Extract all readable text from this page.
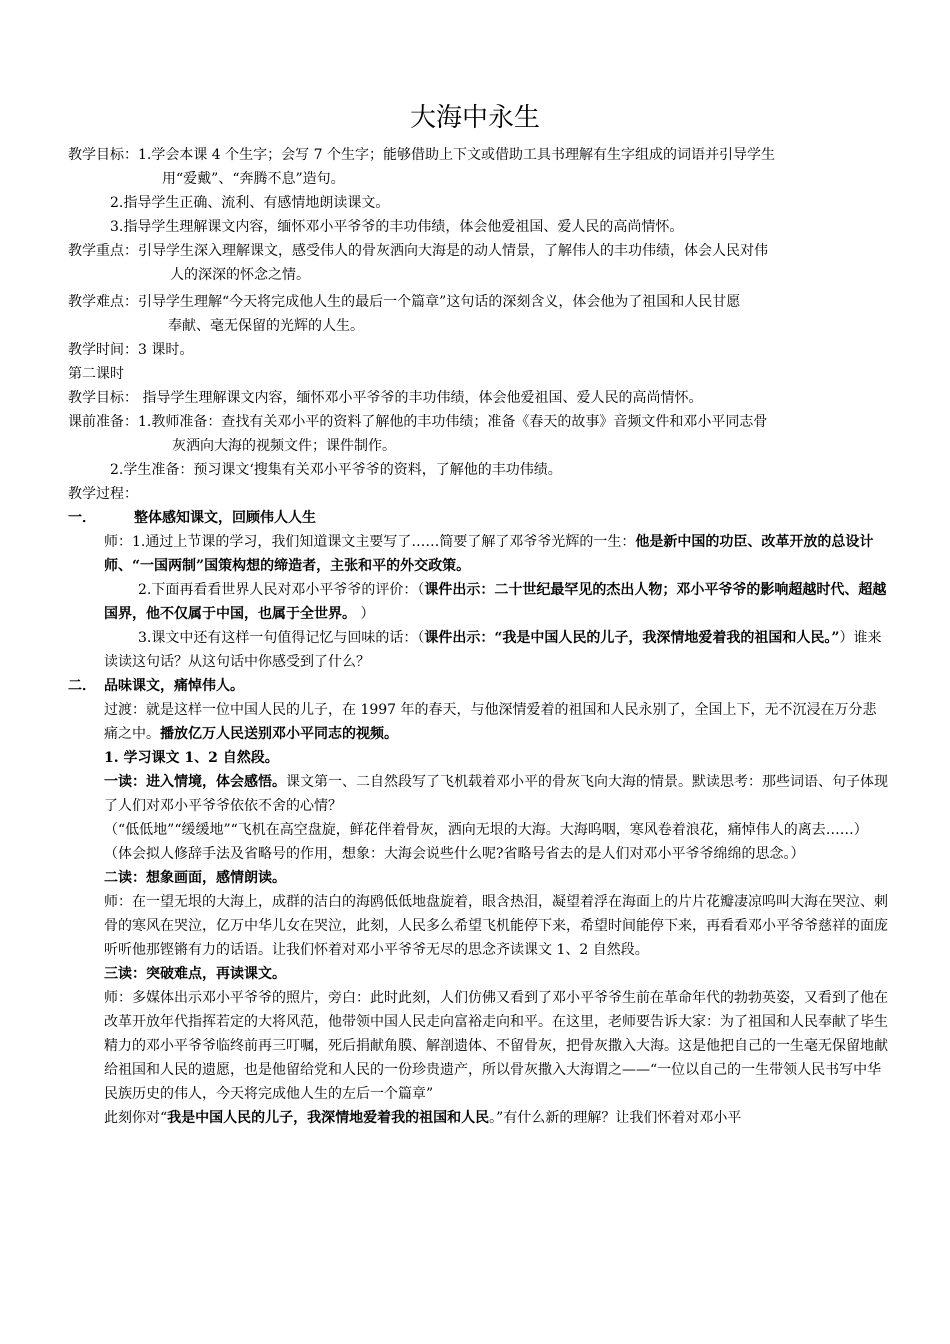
大海中永生
教学目标：1.学会本课 4 个生字；会写 7 个生字；能够借助上下文或借助工具书理解有生字组成的词语并引导学生
用“爱戴”、“奔腾不息”造句。
2.指导学生正确、流利、有感情地朗读课文。
3.指导学生理解课文内容，缅怀邓小平爷爷的丰功伟绩，体会他爱祖国、爱人民的高尚情怀。
教学重点：引导学生深入理解课文，感受伟人的骨灰洒向大海是的动人情景，了解伟人的丰功伟绩，体会人民对伟
人的深深的怀念之情。
教学难点：引导学生理解“今天将完成他人生的最后一个篇章”这句话的深刻含义，体会他为了祖国和人民甘愿
奉献、毫无保留的光辉的人生。
教学时间：3 课时。
第二课时
教学目标： 指导学生理解课文内容，缅怀邓小平爷爷的丰功伟绩，体会他爱祖国、爱人民的高尚情怀。
课前准备：1.教师准备：查找有关邓小平的资料了解他的丰功伟绩；准备《春天的故事》音频文件和邓小平同志骨
灰洒向大海的视频文件；课件制作。
2.学生准备：预习课文‘搜集有关邓小平爷爷的资料，了解他的丰功伟绩。
教学过程：
一．	整体感知课文，回顾伟人人生
师：1.通过上节课的学习，我们知道课文主要写了……简要了解了邓爷爷光辉的一生：他是新中国的功臣、改革开放的总设计师、“一国两制”国策构想的缔造者，主张和平的外交政策。
2.下面再看看世界人民对邓小平爷爷的评价：（课件出示：二十世纪最罕见的杰出人物；邓小平爷爷的影响超越时代、超越国界，他不仅属于中国，也属于全世界。 ）
3.课文中还有这样一句值得记忆与回味的话：（课件出示：“我是中国人民的儿子，我深情地爱着我的祖国和人民。”）谁来读读这句话？从这句话中你感受到了什么？
二． 品味课文，痛悼伟人。
过渡：就是这样一位中国人民的儿子，在 1997 年的春天，与他深情爱着的祖国和人民永别了，全国上下，无不沉浸在万分悲痛之中。播放亿万人民送别邓小平同志的视频。
1. 学习课文 1、2 自然段。
一读：进入情境，体会感悟。课文第一、二自然段写了飞机载着邓小平的骨灰飞向大海的情景。默读思考：那些词语、句子体现了人们对邓小平爷爷依依不舍的心情？
（“低低地”“缓缓地”“飞机在高空盘旋，鲜花伴着骨灰，洒向无垠的大海。大海呜咽，寒风卷着浪花，痛悼伟人的离去……）（体会拟人修辞手法及省略号的作用，想象：大海会说些什么呢?省略号省去的是人们对邓小平爷爷绵绵的思念。）
二读：想象画面，感情朗读。
师：在一望无垠的大海上，成群的洁白的海鸥低低地盘旋着，眼含热泪，凝望着浮在海面上的片片花瓣凄凉呜叫大海在哭泣、刺骨的寒风在哭泣，亿万中华儿女在哭泣，此刻，人民多么希望飞机能停下来，希望时间能停下来，再看看邓小平爷爷慈祥的面庞听听他那铿锵有力的话语。让我们怀着对邓小平爷爷无尽的思念齐读课文 1、2 自然段。
三读：突破难点，再读课文。
师：多媒体出示邓小平爷爷的照片，旁白：此时此刻，人们仿佛又看到了邓小平爷爷生前在革命年代的勃勃英姿，又看到了他在改革开放年代指挥若定的大将风范，他带领中国人民走向富裕走向和平。在这里，老师要告诉大家：为了祖国和人民奉献了毕生精力的邓小平爷爷临终前再三叮嘱，死后捐献角膜、解剖遗体、不留骨灰，把骨灰撒入大海。这是他把自己的一生毫无保留地献给祖国和人民的遗愿，也是他留给党和人民的一份珍贵遗产，所以骨灰撒入大海谓之——“一位以自己的一生带领人民书写中华民族历史的伟人，今天将完成他人生的左后一个篇章”
此刻你对“我是中国人民的儿子，我深情地爱着我的祖国和人民。”有什么新的理解？让我们怀着对邓小平
